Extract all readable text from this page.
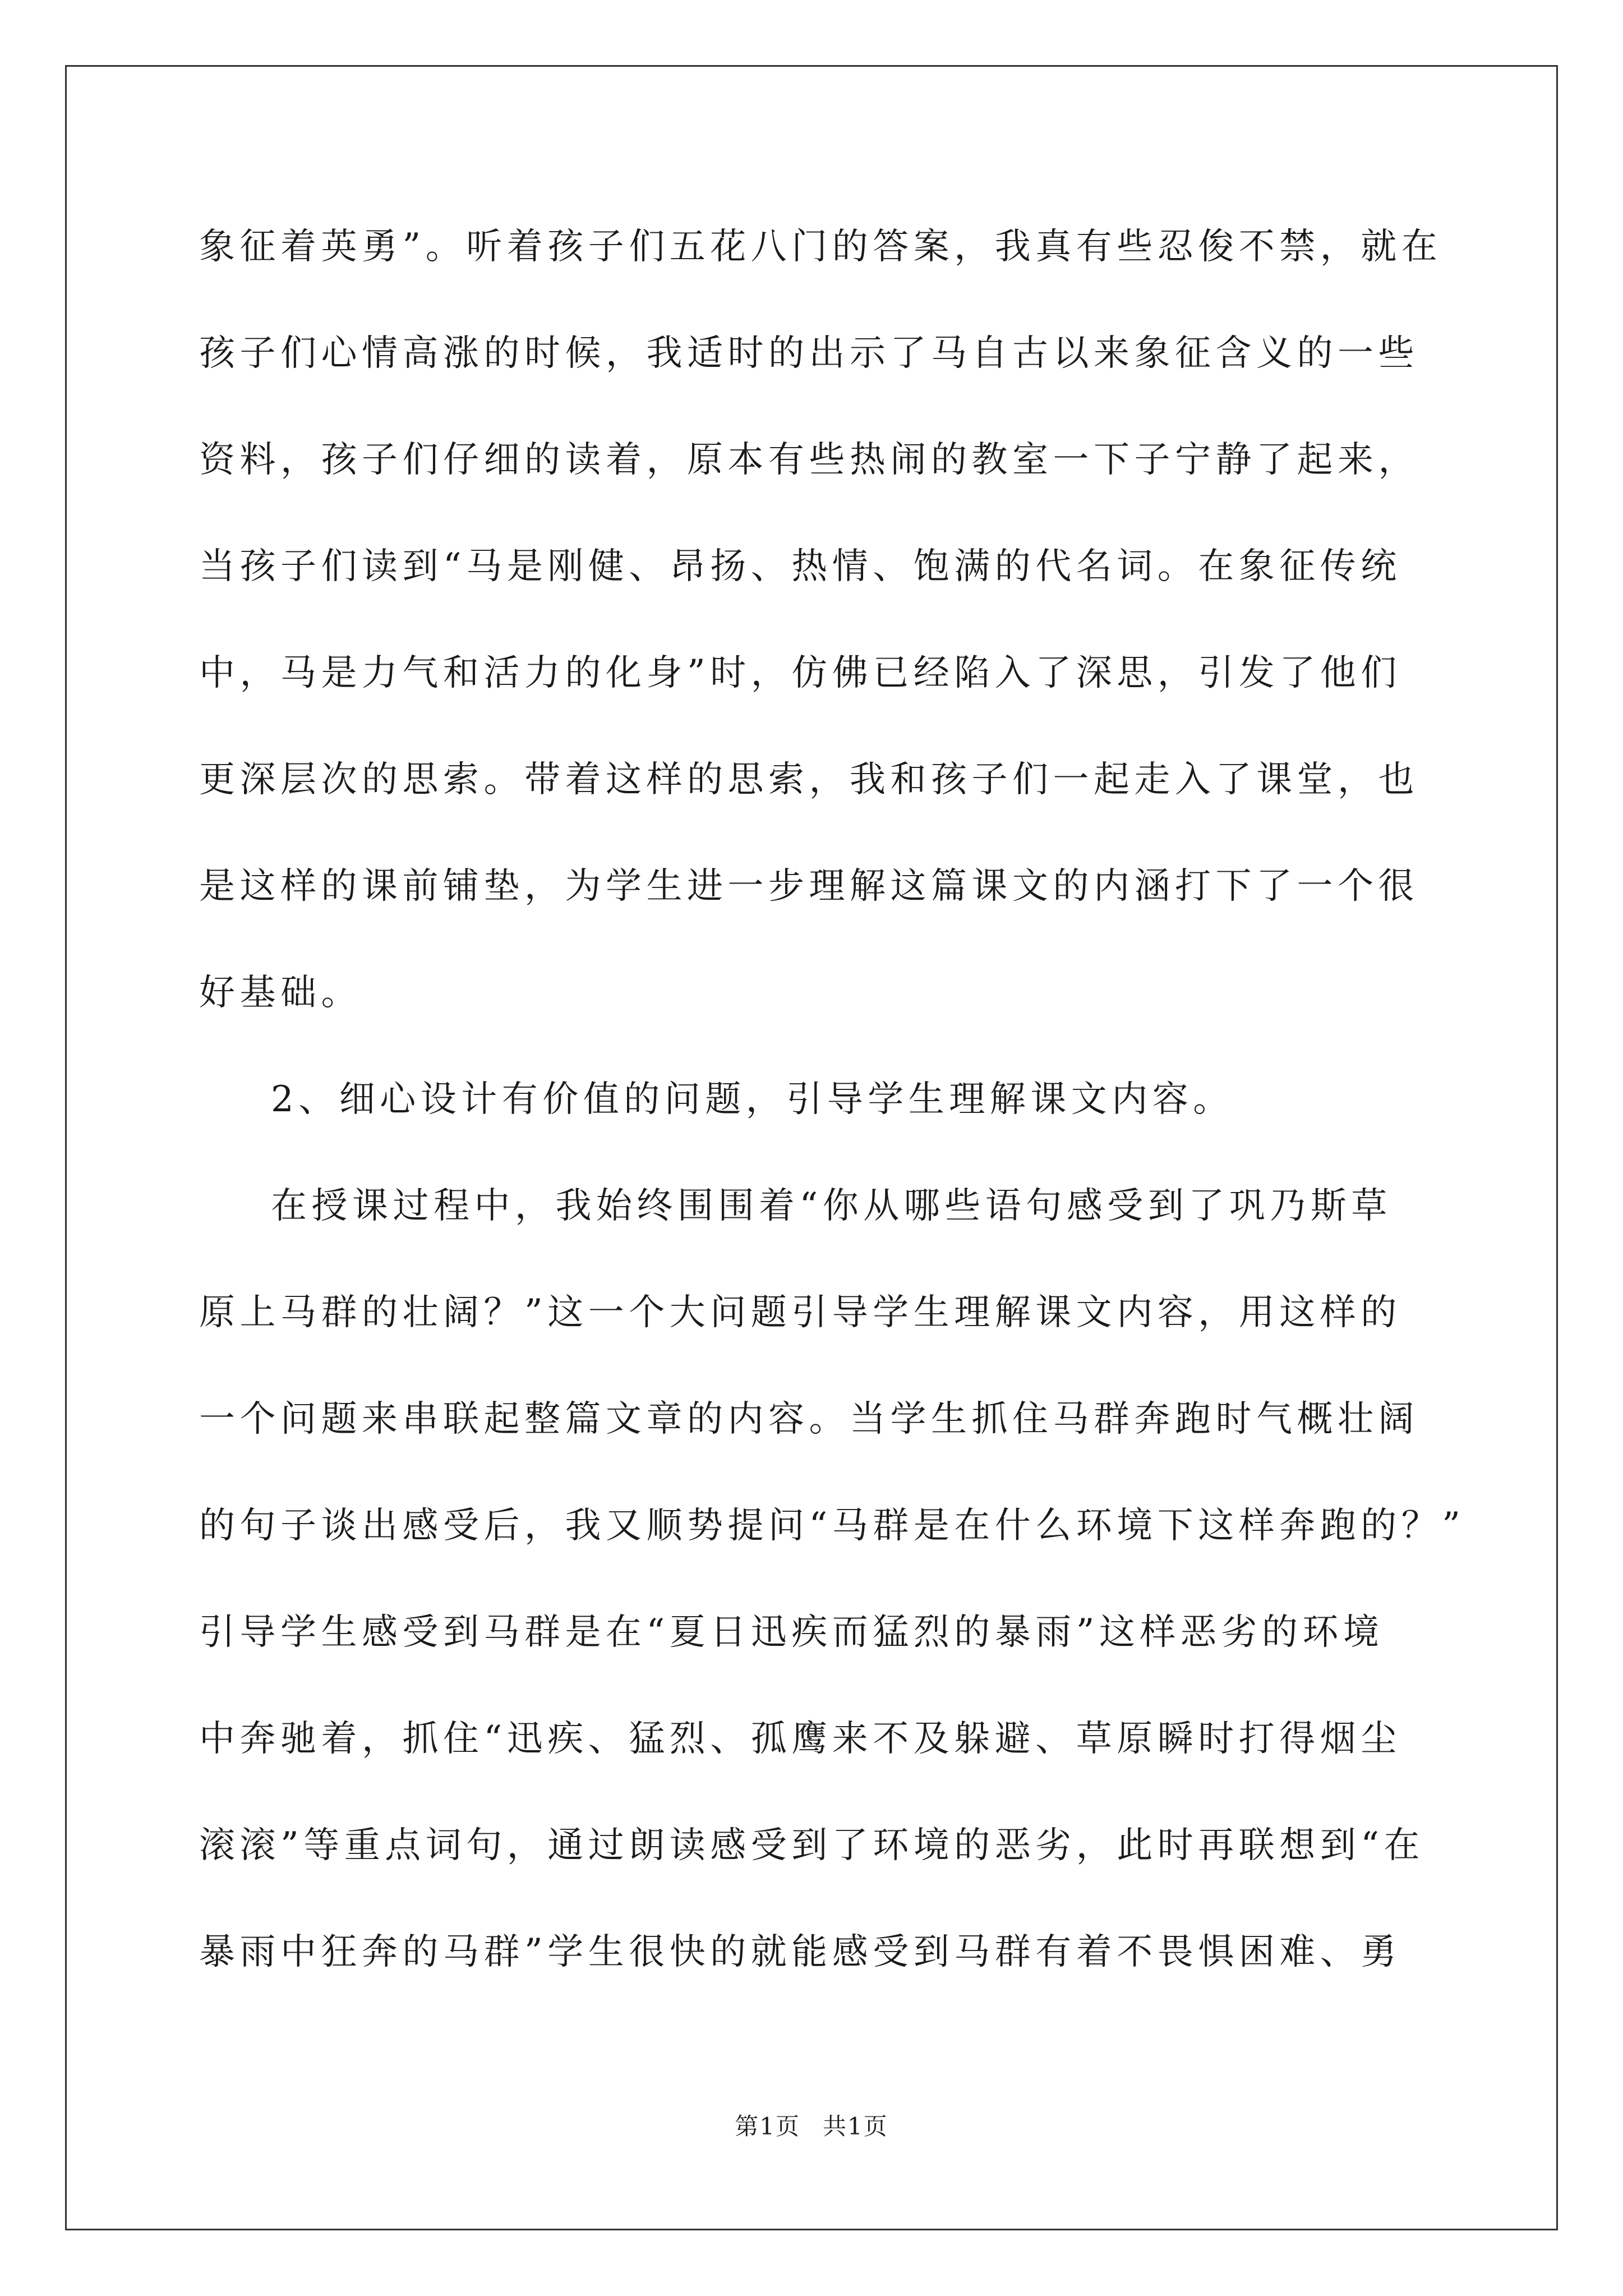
象征着英勇”。听着孩子们五花八门的答案，我真有些忍俊不禁，就在
孩子们心情高涨的时候，我适时的出示了马自古以来象征含义的一些
资料，孩子们仔细的读着，原本有些热闹的教室一下子宁静了起来，
当孩子们读到“马是刚健、昂扬、热情、饱满的代名词。在象征传统
中，马是力气和活力的化身”时，仿佛已经陷入了深思，引发了他们
更深层次的思索。带着这样的思索，我和孩子们一起走入了课堂，也
是这样的课前铺垫，为学生进一步理解这篇课文的内涵打下了一个很
好基础。
2、细心设计有价值的问题，引导学生理解课文内容。
在授课过程中，我始终围围着“你从哪些语句感受到了巩乃斯草
原上马群的壮阔？”这一个大问题引导学生理解课文内容，用这样的
一个问题来串联起整篇文章的内容。当学生抓住马群奔跑时气概壮阔
的句子谈出感受后，我又顺势提问“马群是在什么环境下这样奔跑的？”
引导学生感受到马群是在“夏日迅疾而猛烈的暴雨”这样恶劣的环境
中奔驰着，抓住“迅疾、猛烈、孤鹰来不及躲避、草原瞬时打得烟尘
滚滚”等重点词句，通过朗读感受到了环境的恶劣，此时再联想到“在
暴雨中狂奔的马群”学生很快的就能感受到马群有着不畏惧困难、勇
第1页 共1页
